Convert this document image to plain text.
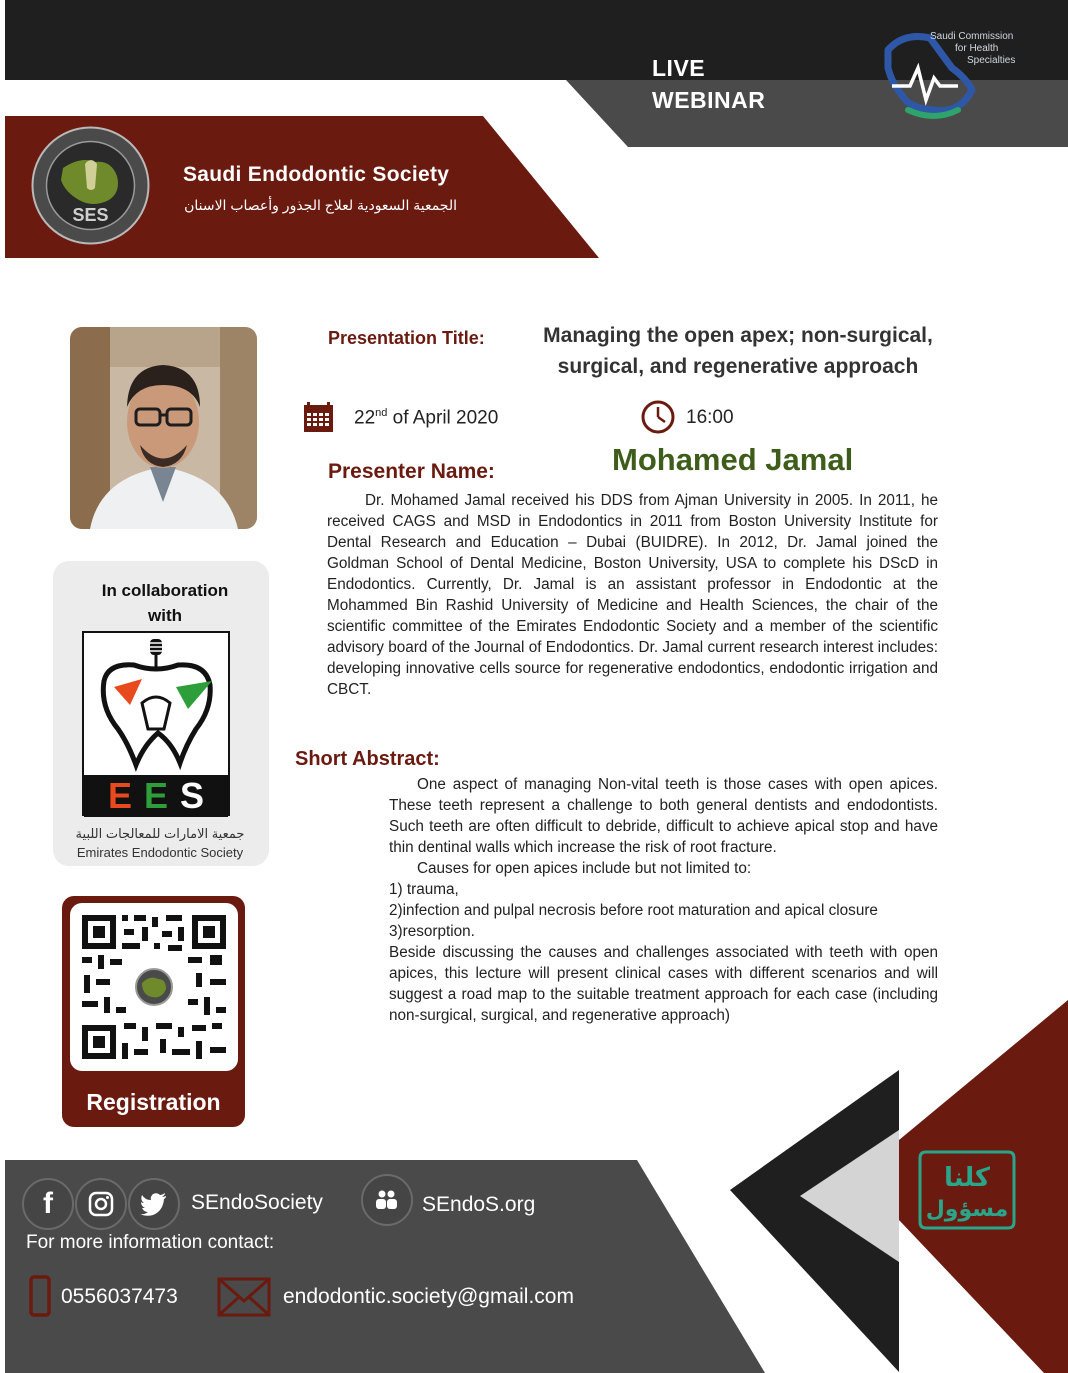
LIVE
WEBINAR
Saudi Commission
for Health
Specialties
SES
Saudi Endodontic Society
الجمعية السعودية لعلاج الجذور وأعصاب الاسنان
In collaboration
with
E E S
جمعية الامارات للمعالجات اللبية
Emirates Endodontic Society
Registration
Presentation Title:	Managing the open apex; non-surgical,
surgical, and regenerative approach
22nd of April 2020	16:00
Presenter Name:	Mohamed Jamal
Dr. Mohamed Jamal received his DDS from Ajman University in 2005. In 2011, he received CAGS and MSD in Endodontics in 2011 from Boston University Institute for Dental Research and Education – Dubai (BUIDRE). In 2012, Dr. Jamal joined the Goldman School of Dental Medicine, Boston University, USA to complete his DScD in Endodontics. Currently, Dr. Jamal is an assistant professor in Endodontic at the Mohammed Bin Rashid University of Medicine and Health Sciences, the chair of the scientific committee of the Emirates Endodontic Society and a member of the scientific advisory board of the Journal of Endodontics. Dr. Jamal current research interest includes: developing innovative cells source for regenerative endodontics, endodontic irrigation and CBCT.
Short Abstract:

One aspect of managing Non-vital teeth is those cases with open apices. These teeth represent a challenge to both general dentists and endodontists. Such teeth are often difficult to debride, difficult to achieve apical stop and have thin dentinal walls which increase the risk of root fracture.

Causes for open apices include but not limited to:

1) trauma,

2)infection and pulpal necrosis before root maturation and apical closure

3)resorption.

Beside discussing the causes and challenges associated with teeth with open apices, this lecture will present clinical cases with different scenarios and will suggest a road map to the suitable treatment approach for each case (including non-surgical, surgical, and regenerative approach)

كلنا
مسؤول
f	SEndoSociety	SEndoS.org
For more information contact:
0556037473	endodontic.society@gmail.com
